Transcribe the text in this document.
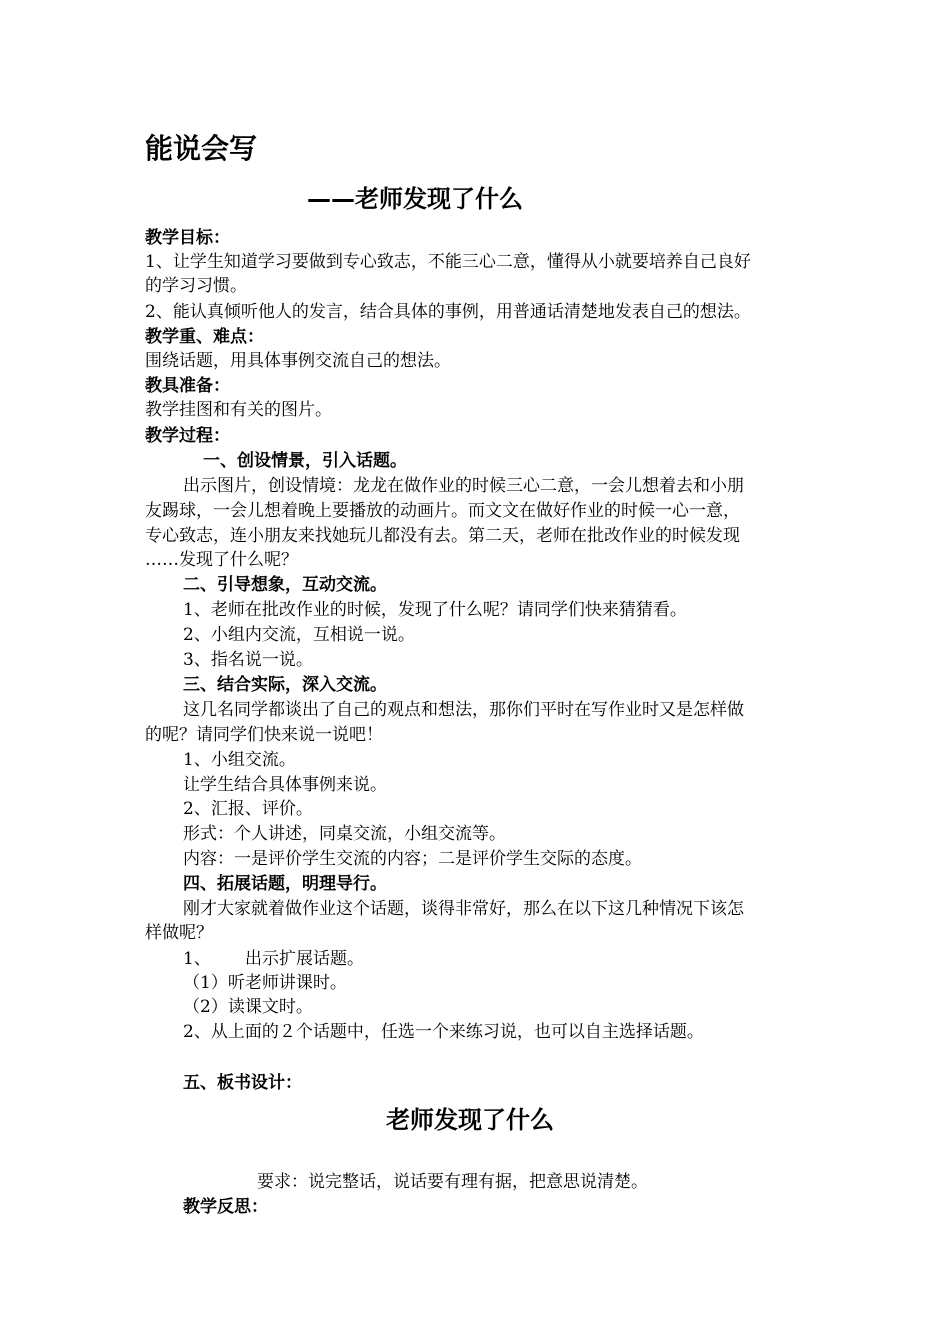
能说会写
——老师发现了什么
教学目标：
1、让学生知道学习要做到专心致志，不能三心二意，懂得从小就要培养自己良好
的学习习惯。
2、能认真倾听他人的发言，结合具体的事例，用普通话清楚地发表自己的想法。
教学重、难点：
围绕话题，用具体事例交流自己的想法。
教具准备：
教学挂图和有关的图片。
教学过程：
一、创设情景，引入话题。
出示图片，创设情境：龙龙在做作业的时候三心二意，一会儿想着去和小朋
友踢球，一会儿想着晚上要播放的动画片。而文文在做好作业的时候一心一意，
专心致志，连小朋友来找她玩儿都没有去。第二天，老师在批改作业的时候发现
……发现了什么呢？
二、引导想象，互动交流。
1、老师在批改作业的时候，发现了什么呢？请同学们快来猜猜看。
2、小组内交流，互相说一说。
3、指名说一说。
三、结合实际，深入交流。
这几名同学都谈出了自己的观点和想法，那你们平时在写作业时又是怎样做
的呢？请同学们快来说一说吧！
1、小组交流。
让学生结合具体事例来说。
2、汇报、评价。
形式：个人讲述，同桌交流，小组交流等。
内容：一是评价学生交流的内容；二是评价学生交际的态度。
四、拓展话题，明理导行。
刚才大家就着做作业这个话题，谈得非常好，那么在以下这几种情况下该怎
样做呢？
1、 出示扩展话题。
（1）听老师讲课时。
（2）读课文时。
2、从上面的２个话题中，任选一个来练习说，也可以自主选择话题。
五、板书设计：
老师发现了什么
要求：说完整话，说话要有理有据，把意思说清楚。
教学反思：
